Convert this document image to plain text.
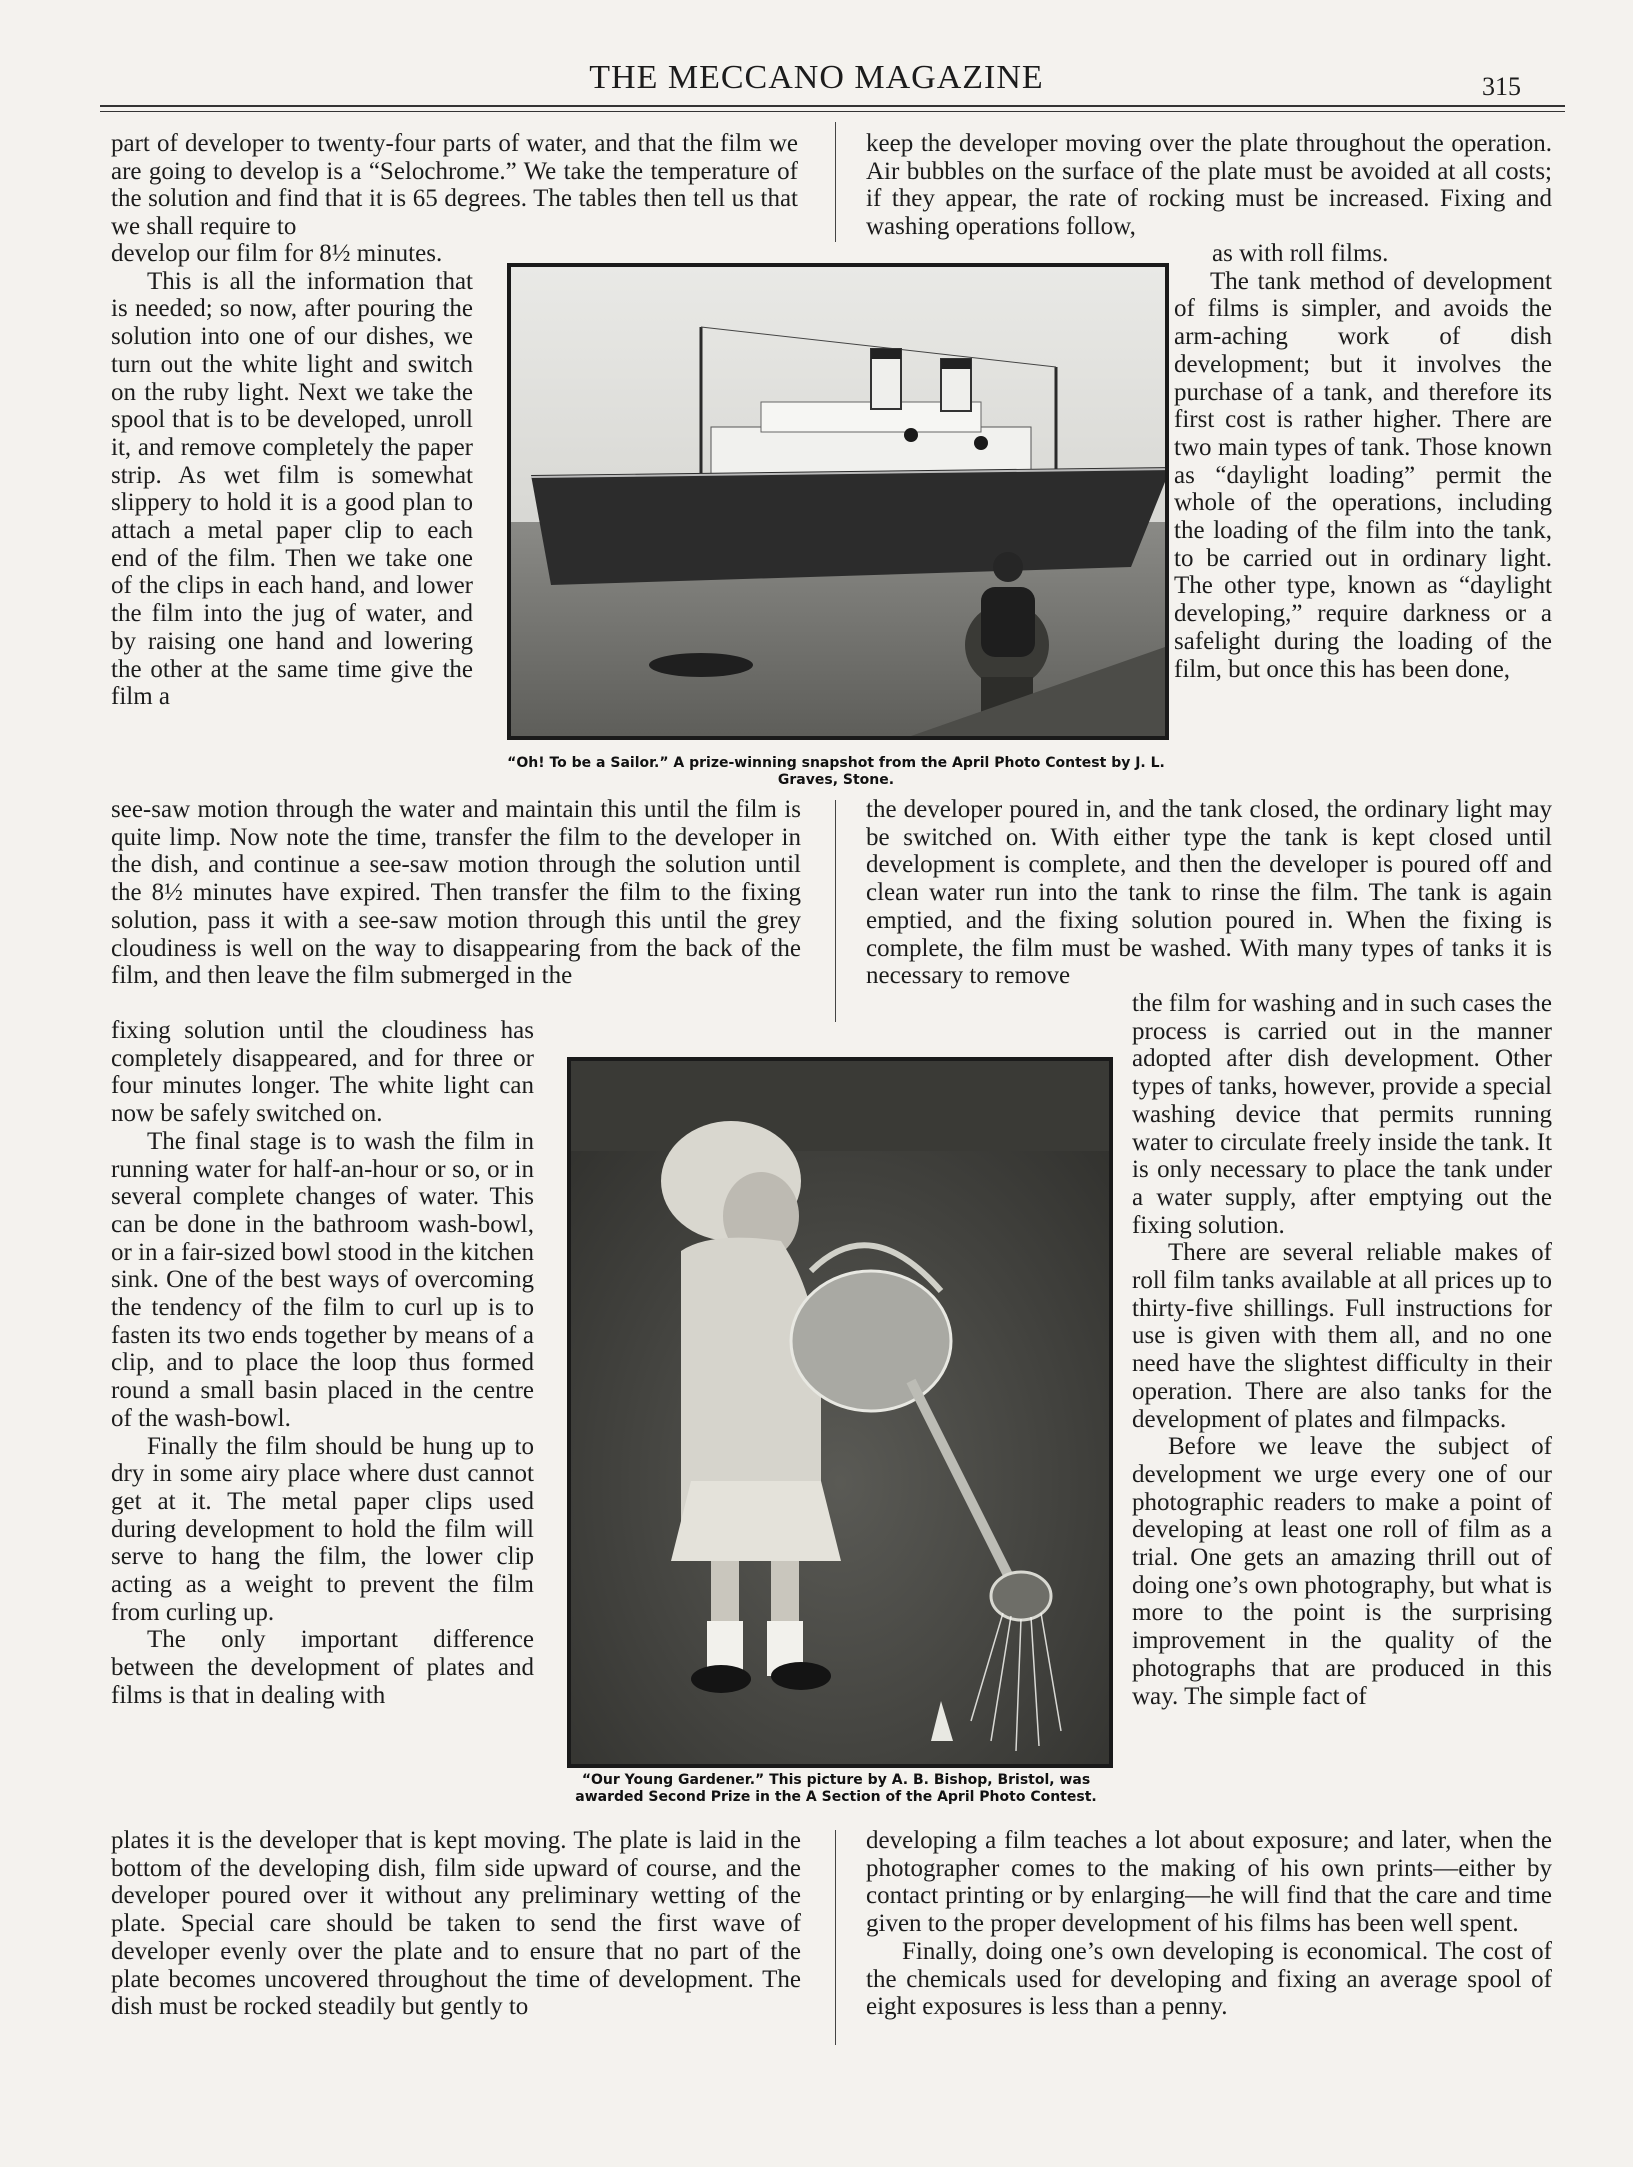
THE MECCANO MAGAZINE	315

part of developer to twenty-four parts of water, and that the film we are going to develop is a “Selochrome.” We take the temperature of the solution and find that it is 65 degrees. The tables then tell us that we shall require to

develop our film for 8½ minutes.

This is all the information that is needed; so now, after pouring the solution into one of our dishes, we turn out the white light and switch on the ruby light. Next we take the spool that is to be developed, unroll it, and remove completely the paper strip. As wet film is somewhat slippery to hold it is a good plan to attach a metal paper clip to each end of the film. Then we take one of the clips in each hand, and lower the film into the jug of water, and by raising one hand and lowering the other at the same time give the film a

see-saw motion through the water and maintain this until the film is quite limp. Now note the time, transfer the film to the developer in the dish, and continue a see-saw motion through the solution until the 8½ minutes have expired. Then transfer the film to the fixing solution, pass it with a see-saw motion through this until the grey cloudiness is well on the way to disappearing from the back of the film, and then leave the film submerged in the

fixing solution until the cloudiness has completely disappeared, and for three or four minutes longer. The white light can now be safely switched on.

The final stage is to wash the film in running water for half-an-hour or so, or in several complete changes of water. This can be done in the bathroom wash-bowl, or in a fair-sized bowl stood in the kitchen sink. One of the best ways of overcoming the tendency of the film to curl up is to fasten its two ends together by means of a clip, and to place the loop thus formed round a small basin placed in the centre of the wash-bowl.

Finally the film should be hung up to dry in some airy place where dust cannot get at it. The metal paper clips used during development to hold the film will serve to hang the film, the lower clip acting as a weight to prevent the film from curling up.

The only important difference between the development of plates and films is that in dealing with

plates it is the developer that is kept moving. The plate is laid in the bottom of the developing dish, film side upward of course, and the developer poured over it without any preliminary wetting of the plate. Special care should be taken to send the first wave of developer evenly over the plate and to ensure that no part of the plate becomes uncovered throughout the time of development. The dish must be rocked steadily but gently to

keep the developer moving over the plate throughout the operation. Air bubbles on the surface of the plate must be avoided at all costs; if they appear, the rate of rocking must be increased. Fixing and washing operations follow,

as with roll films.

The tank method of development of films is simpler, and avoids the arm-aching work of dish development; but it involves the purchase of a tank, and therefore its first cost is rather higher. There are two main types of tank. Those known as “daylight loading” permit the whole of the operations, including the loading of the film into the tank, to be carried out in ordinary light. The other type, known as “daylight developing,” require darkness or a safelight during the loading of the film, but once this has been done,

the developer poured in, and the tank closed, the ordinary light may be switched on. With either type the tank is kept closed until development is complete, and then the developer is poured off and clean water run into the tank to rinse the film. The tank is again emptied, and the fixing solution poured in. When the fixing is complete, the film must be washed. With many types of tanks it is necessary to remove

the film for washing and in such cases the process is carried out in the manner adopted after dish development. Other types of tanks, however, provide a special washing device that permits running water to circulate freely inside the tank. It is only necessary to place the tank under a water supply, after emptying out the fixing solution.

There are several reliable makes of roll film tanks available at all prices up to thirty-five shillings. Full instructions for use is given with them all, and no one need have the slightest difficulty in their operation. There are also tanks for the development of plates and filmpacks.

Before we leave the subject of development we urge every one of our photographic readers to make a point of developing at least one roll of film as a trial. One gets an amazing thrill out of doing one’s own photography, but what is more to the point is the surprising improvement in the quality of the photographs that are produced in this way. The simple fact of

developing a film teaches a lot about exposure; and later, when the photographer comes to the making of his own prints—either by contact printing or by enlarging—he will find that the care and time given to the proper development of his films has been well spent.

Finally, doing one’s own developing is economical. The cost of the chemicals used for developing and fixing an average spool of eight exposures is less than a penny.

“Oh! To be a Sailor.” A prize-winning snapshot from the April Photo Contest by J. L. Graves, Stone.
“Our Young Gardener.” This picture by A. B. Bishop, Bristol, was awarded Second Prize in the A Section of the April Photo Contest.
